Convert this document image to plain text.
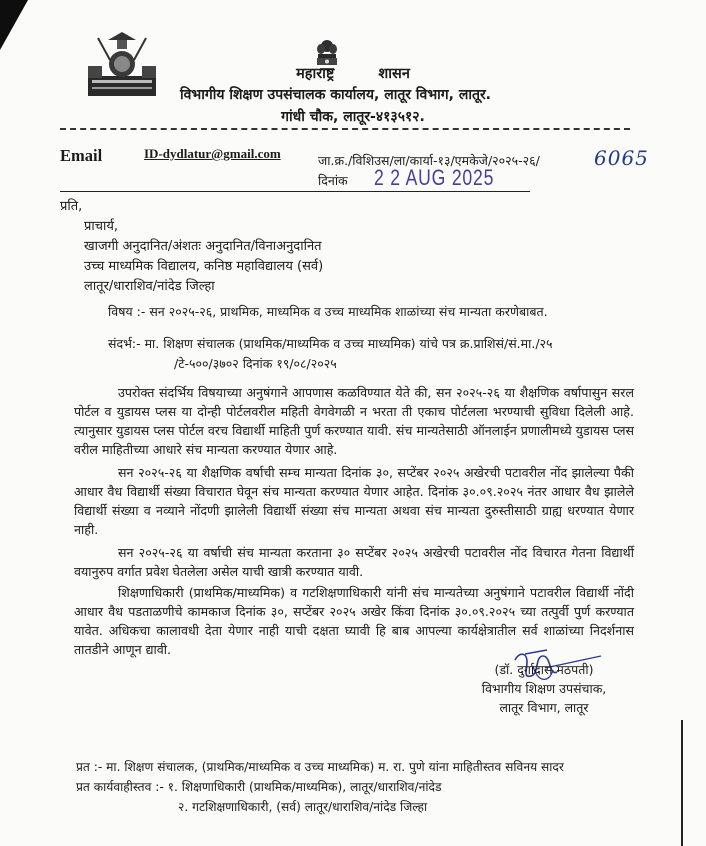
महाराष्ट्र	शासन
विभागीय शिक्षण उपसंचालक कार्यालय, लातूर विभाग, लातूर.
गांधी चौक, लातूर-४१३५१२.
Email	ID-dydlatur@gmail.com	जा.क्र./विशिउस/ला/कार्या-१३/एमकेजे/२०२५-२६/	6065
दिनांक 2 2 AUG 2025
प्रति,
प्राचार्य,
खाजगी अनुदानित/अंशतः अनुदानित/विनाअनुदानित
उच्च माध्यमिक विद्यालय, कनिष्ठ महाविद्यालय (सर्व)
लातूर/धाराशिव/नांदेड जिल्हा
विषय :- सन २०२५-२६, प्राथमिक, माध्यमिक व उच्च माध्यमिक शाळांच्या संच मान्यता करणेबाबत.
संदर्भ:- मा. शिक्षण संचालक (प्राथमिक/माध्यमिक व उच्च माध्यमिक) यांचे पत्र क्र.प्राशिसं/सं.मा./२५
/टे-५००/३७०२ दिनांक १९/०८/२०२५
उपरोक्त संदर्भिय विषयाच्या अनुषंगाने आपणास कळविण्यात येते की, सन २०२५-२६ या शैक्षणिक वर्षापासुन सरल पोर्टल व युडायस प्लस या दोन्ही पोर्टलवरील महिती वेगवेगळी न भरता ती एकाच पोर्टलला भरण्याची सुविधा दिलेली आहे. त्यानुसार युडायस प्लस पोर्टल वरच विद्यार्थी माहिती पुर्ण करण्यात यावी. संच मान्यतेसाठी ऑनलाईन प्रणालीमध्ये युडायस प्लस वरील माहितीच्या आधारे संच मान्यता करण्यात येणार आहे.
सन २०२५-२६ या शैक्षणिक वर्षाची सम्च मान्यता दिनांक ३०, सप्टेंबर २०२५ अखेरची पटावरील नोंद झालेल्या पैकी आधार वैध विद्यार्थी संख्या विचारात घेवून संच मान्यता करण्यात येणार आहेत. दिनांक ३०.०९.२०२५ नंतर आधार वैध झालेले विद्यार्थी संख्या व नव्याने नोंदणी झालेली विद्यार्थी संख्या संच मान्यता अथवा संच मान्यता दुरुस्तीसाठी ग्राह्य धरण्यात येणार नाही.
सन २०२५-२६ या वर्षाची संच मान्यता करताना ३० सप्टेंबर २०२५ अखेरची पटावरील नोंद विचारत गेतना विद्यार्थी वयानुरुप वर्गात प्रवेश घेतलेला असेल याची खात्री करण्यात यावी.
शिक्षणाधिकारी (प्राथमिक/माध्यमिक) व गटशिक्षणाधिकारी यांनी संच मान्यतेच्या अनुषंगाने पटावरील विद्यार्थी नोंदी आधार वैध पडताळणीचे कामकाज दिनांक ३०, सप्टेंबर २०२५ अखेर किंवा दिनांक ३०.०९.२०२५ च्या तत्पुर्वी पुर्ण करण्यात यावेत. अधिकचा कालावधी देता येणार नाही याची दक्षता घ्यावी हि बाब आपल्या कार्यक्षेत्रातील सर्व शाळांच्या निदर्शनास तातडीने आणून द्यावी.
(डॉ. दुर्गादास मठपती)
विभागीय शिक्षण उपसंचाक,
लातूर विभाग, लातूर
प्रत :- मा. शिक्षण संचालक, (प्राथमिक/माध्यमिक व उच्च माध्यमिक) म. रा. पुणे यांना माहितीस्तव सविनय सादर
प्रत कार्यवाहीस्तव :- १. शिक्षणाधिकारी (प्राथमिक/माध्यमिक), लातूर/धाराशिव/नांदेड
२. गटशिक्षणाधिकारी, (सर्व) लातूर/धाराशिव/नांदेड जिल्हा
